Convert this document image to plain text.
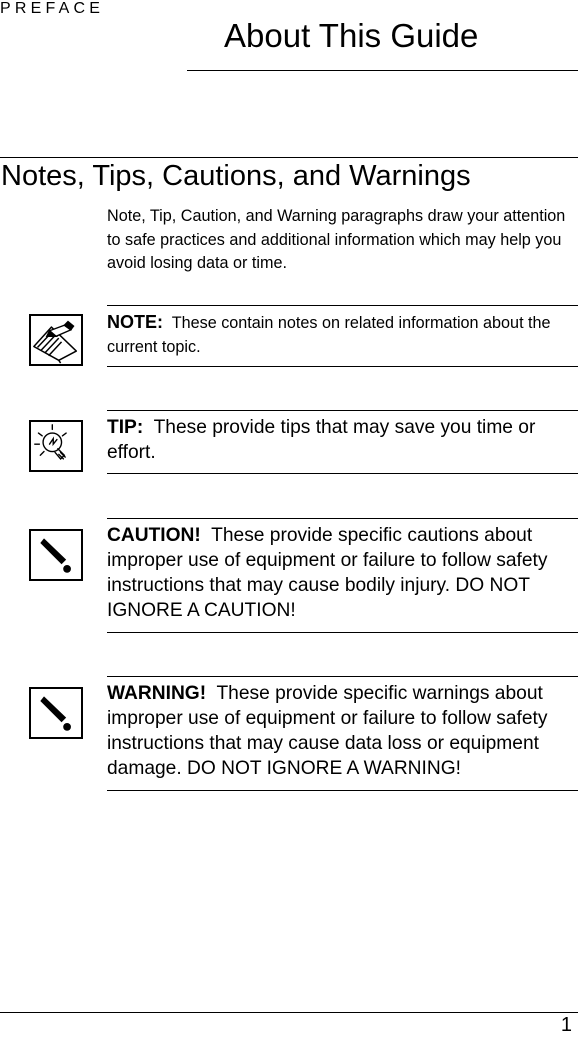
PREFACE
About This Guide
Notes, Tips, Cautions, and Warnings
Note, Tip, Caution, and Warning paragraphs draw your attention to safe practices and additional information which may help you avoid losing data or time.

NOTE: These contain notes on related information about the current topic.

TIP: These provide tips that may save you time or effort.

CAUTION! These provide specific cautions about improper use of equipment or failure to follow safety instructions that may cause bodily injury. DO NOT IGNORE A CAUTION!

WARNING! These provide specific warnings about improper use of equipment or failure to follow safety instructions that may cause data loss or equipment damage. DO NOT IGNORE A WARNING!

1
